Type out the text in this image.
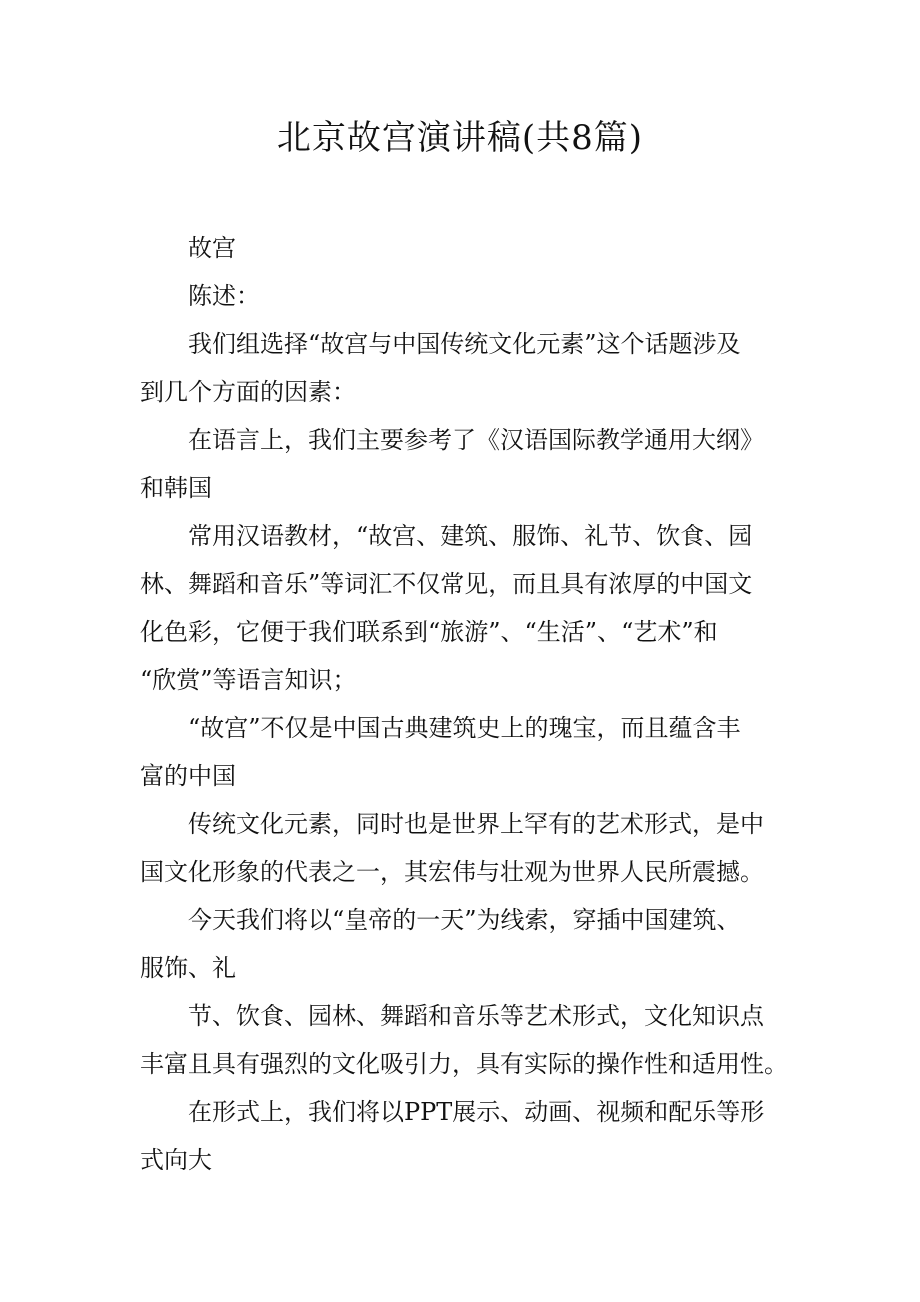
北京故宫演讲稿(共8篇)

故宫

陈述：

我们组选择“故宫与中国传统文化元素”这个话题涉及
到几个方面的因素：

在语言上，我们主要参考了《汉语国际教学通用大纲》
和韩国

常用汉语教材，“故宫、建筑、服饰、礼节、饮食、园
林、舞蹈和音乐”等词汇不仅常见，而且具有浓厚的中国文
化色彩，它便于我们联系到“旅游”、“生活”、“艺术”和
“欣赏”等语言知识；

“故宫”不仅是中国古典建筑史上的瑰宝，而且蕴含丰
富的中国

传统文化元素，同时也是世界上罕有的艺术形式，是中
国文化形象的代表之一，其宏伟与壮观为世界人民所震撼。

今天我们将以“皇帝的一天”为线索，穿插中国建筑、
服饰、礼

节、饮食、园林、舞蹈和音乐等艺术形式，文化知识点
丰富且具有强烈的文化吸引力，具有实际的操作性和适用性。

在形式上，我们将以PPT展示、动画、视频和配乐等形
式向大
